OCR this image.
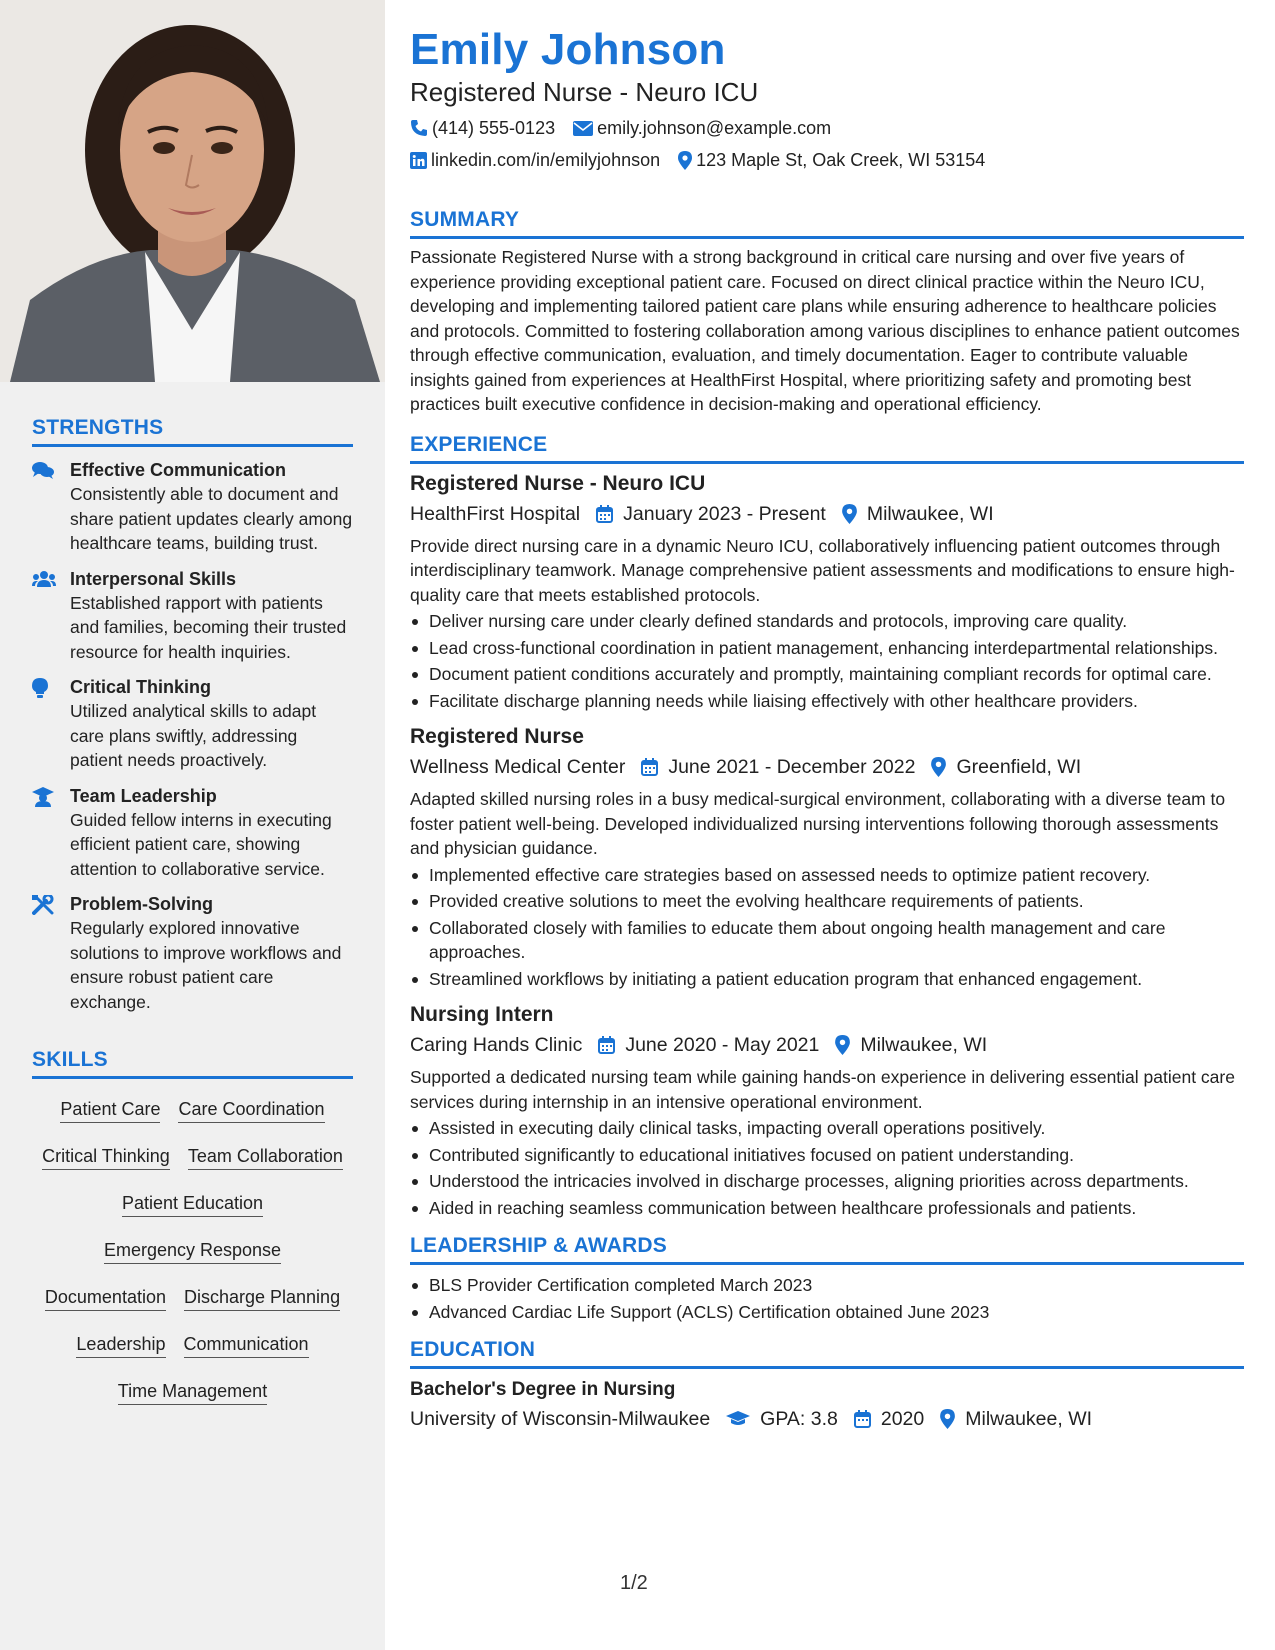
STRENGTHS
Effective Communication
Consistently able to document and share patient updates clearly among healthcare teams, building trust.
Interpersonal Skills
Established rapport with patients and families, becoming their trusted resource for health inquiries.
Critical Thinking
Utilized analytical skills to adapt care plans swiftly, addressing patient needs proactively.
Team Leadership
Guided fellow interns in executing efficient patient care, showing attention to collaborative service.
Problem-Solving
Regularly explored innovative solutions to improve workflows and ensure robust patient care exchange.
SKILLS
Patient Care Care Coordination
Critical Thinking Team Collaboration
Patient Education
Emergency Response
Documentation Discharge Planning
Leadership Communication
Time Management
Emily Johnson
Registered Nurse - Neuro ICU
(414) 555-0123 emily.johnson@example.com
linkedin.com/in/emilyjohnson 123 Maple St, Oak Creek, WI 53154
SUMMARY
Passionate Registered Nurse with a strong background in critical care nursing and over five years of experience providing exceptional patient care. Focused on direct clinical practice within the Neuro ICU, developing and implementing tailored patient care plans while ensuring adherence to healthcare policies and protocols. Committed to fostering collaboration among various disciplines to enhance patient outcomes through effective communication, evaluation, and timely documentation. Eager to contribute valuable insights gained from experiences at HealthFirst Hospital, where prioritizing safety and promoting best practices built executive confidence in decision-making and operational efficiency.
EXPERIENCE
Registered Nurse - Neuro ICU
HealthFirst Hospital January 2023 - Present Milwaukee, WI
Provide direct nursing care in a dynamic Neuro ICU, collaboratively influencing patient outcomes through interdisciplinary teamwork. Manage comprehensive patient assessments and modifications to ensure high-quality care that meets established protocols.
Deliver nursing care under clearly defined standards and protocols, improving care quality.
Lead cross-functional coordination in patient management, enhancing interdepartmental relationships.
Document patient conditions accurately and promptly, maintaining compliant records for optimal care.
Facilitate discharge planning needs while liaising effectively with other healthcare providers.
Registered Nurse
Wellness Medical Center June 2021 - December 2022 Greenfield, WI
Adapted skilled nursing roles in a busy medical-surgical environment, collaborating with a diverse team to foster patient well-being. Developed individualized nursing interventions following thorough assessments and physician guidance.
Implemented effective care strategies based on assessed needs to optimize patient recovery.
Provided creative solutions to meet the evolving healthcare requirements of patients.
Collaborated closely with families to educate them about ongoing health management and care approaches.
Streamlined workflows by initiating a patient education program that enhanced engagement.
Nursing Intern
Caring Hands Clinic June 2020 - May 2021 Milwaukee, WI
Supported a dedicated nursing team while gaining hands-on experience in delivering essential patient care services during internship in an intensive operational environment.
Assisted in executing daily clinical tasks, impacting overall operations positively.
Contributed significantly to educational initiatives focused on patient understanding.
Understood the intricacies involved in discharge processes, aligning priorities across departments.
Aided in reaching seamless communication between healthcare professionals and patients.
LEADERSHIP & AWARDS
BLS Provider Certification completed March 2023
Advanced Cardiac Life Support (ACLS) Certification obtained June 2023
EDUCATION
Bachelor's Degree in Nursing
University of Wisconsin-Milwaukee	GPA: 3.8 2020 Milwaukee, WI
1/2
